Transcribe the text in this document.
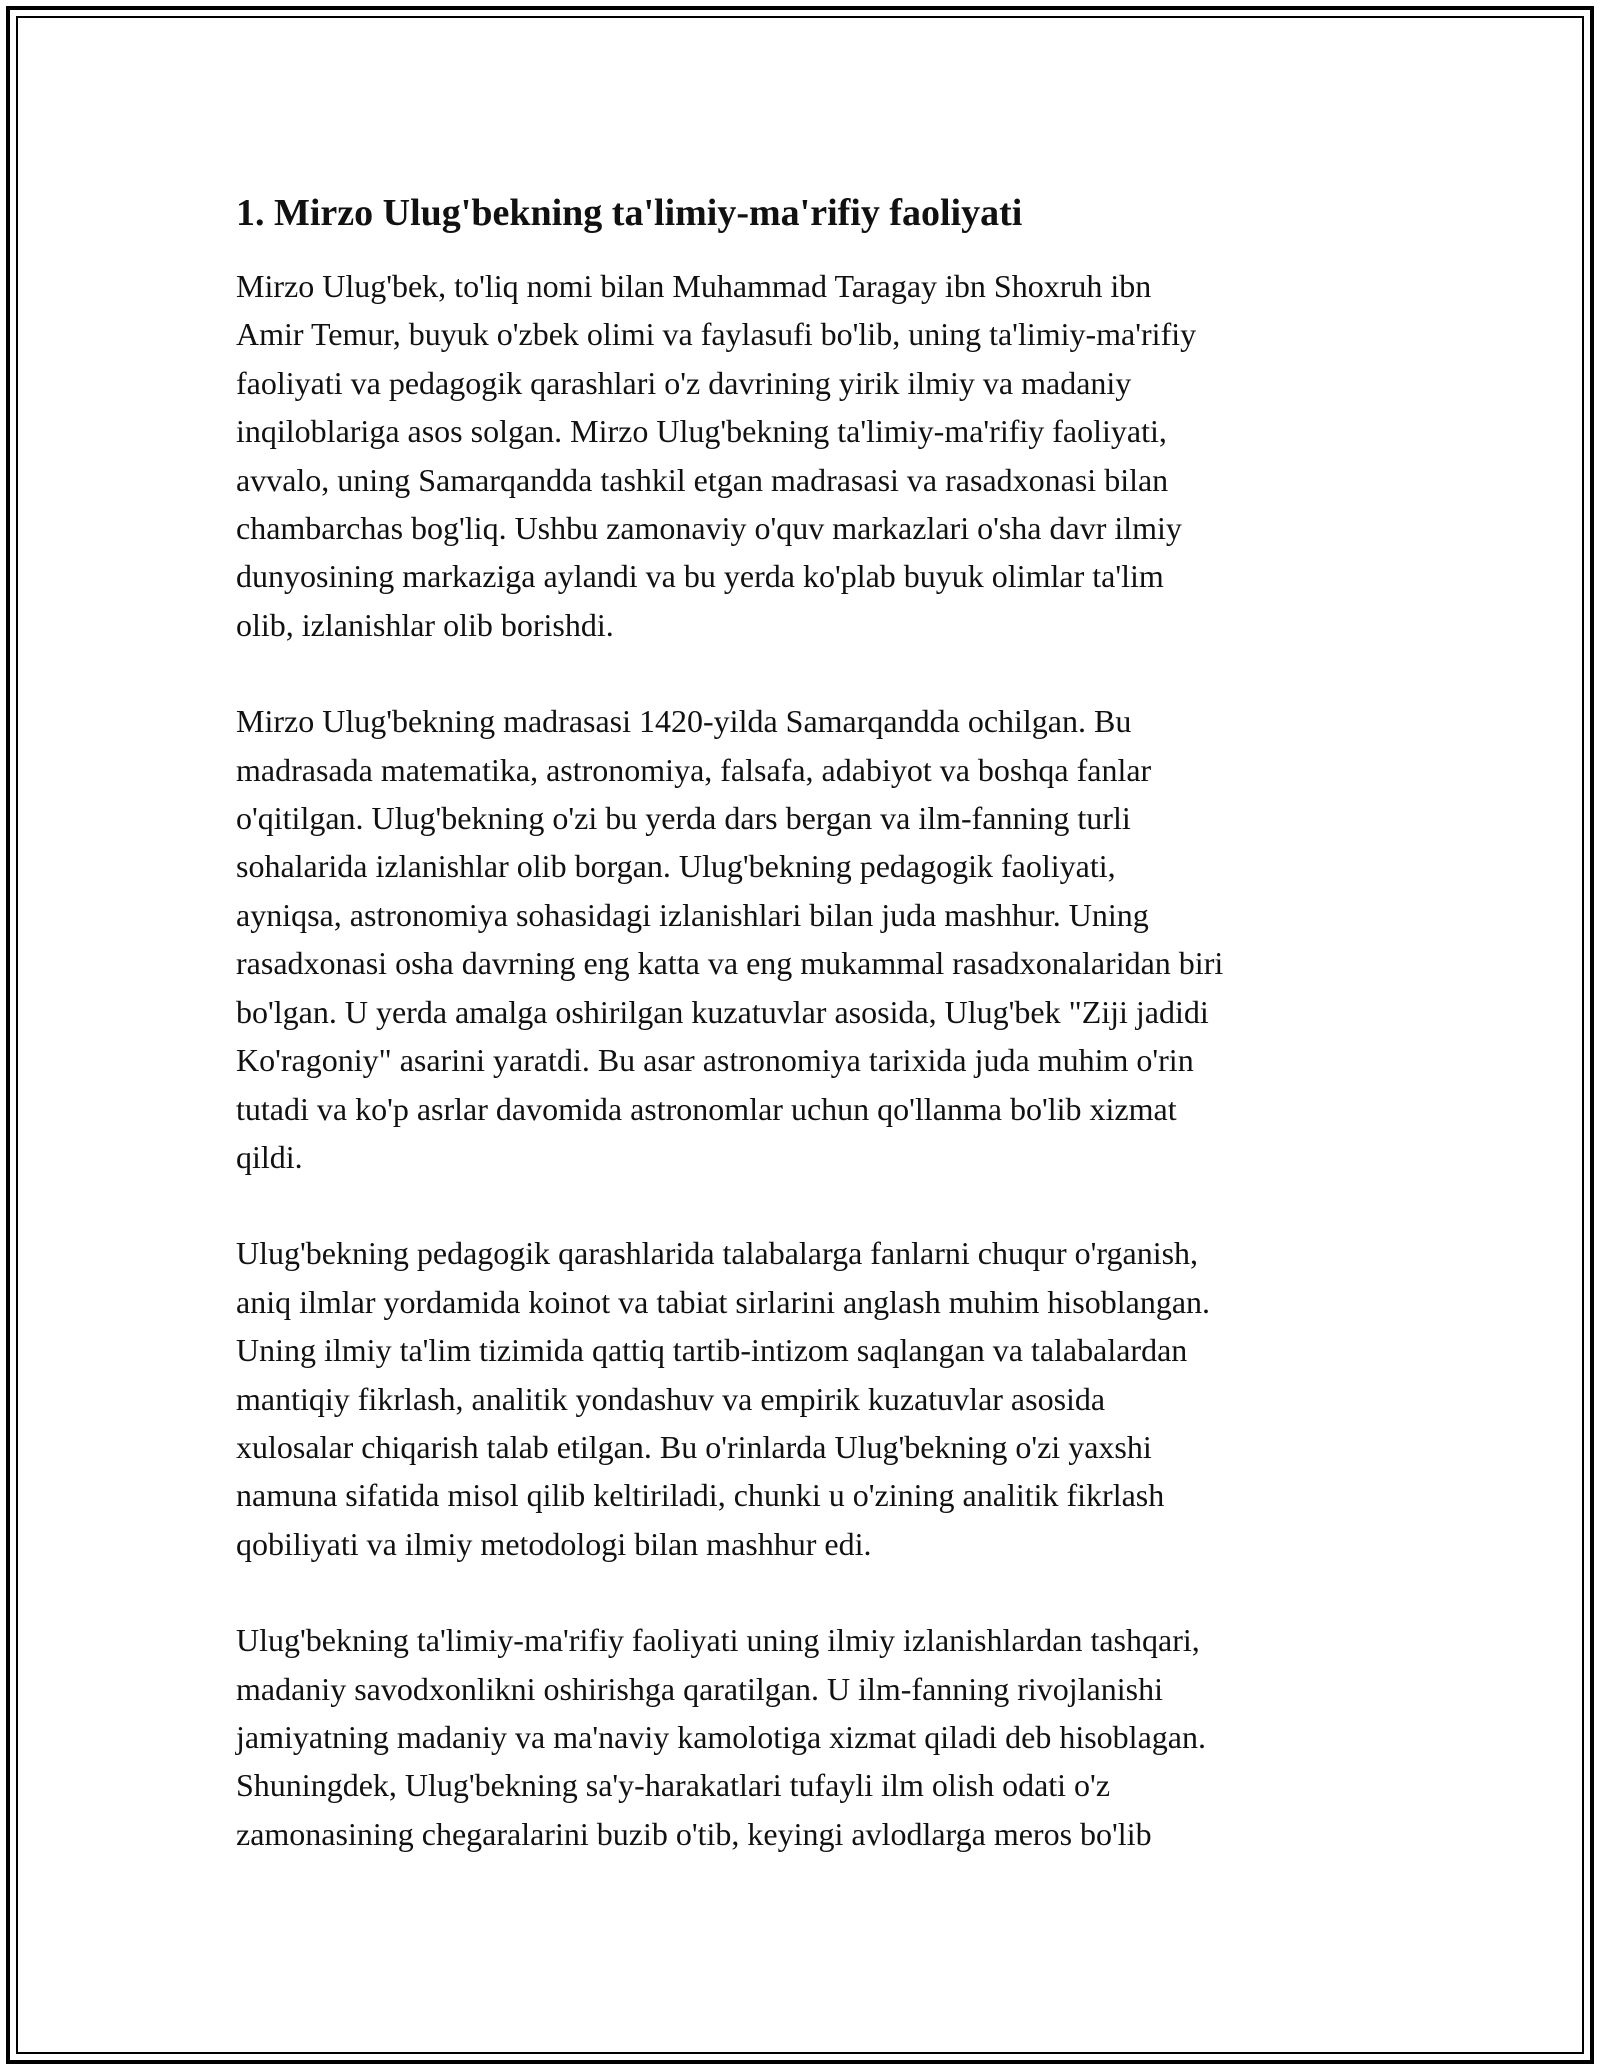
1. Mirzo Ulug'bekning ta'limiy-ma'rifiy faoliyati

Mirzo Ulug'bek, to'liq nomi bilan Muhammad Taragay ibn Shoxruh ibn
Amir Temur, buyuk o'zbek olimi va faylasufi bo'lib, uning ta'limiy-ma'rifiy
faoliyati va pedagogik qarashlari o'z davrining yirik ilmiy va madaniy
inqiloblariga asos solgan. Mirzo Ulug'bekning ta'limiy-ma'rifiy faoliyati,
avvalo, uning Samarqandda tashkil etgan madrasasi va rasadxonasi bilan
chambarchas bog'liq. Ushbu zamonaviy o'quv markazlari o'sha davr ilmiy
dunyosining markaziga aylandi va bu yerda ko'plab buyuk olimlar ta'lim
olib, izlanishlar olib borishdi.

Mirzo Ulug'bekning madrasasi 1420-yilda Samarqandda ochilgan. Bu
madrasada matematika, astronomiya, falsafa, adabiyot va boshqa fanlar
o'qitilgan. Ulug'bekning o'zi bu yerda dars bergan va ilm-fanning turli
sohalarida izlanishlar olib borgan. Ulug'bekning pedagogik faoliyati,
ayniqsa, astronomiya sohasidagi izlanishlari bilan juda mashhur. Uning
rasadxonasi osha davrning eng katta va eng mukammal rasadxonalaridan biri
bo'lgan. U yerda amalga oshirilgan kuzatuvlar asosida, Ulug'bek "Ziji jadidi
Ko'ragoniy" asarini yaratdi. Bu asar astronomiya tarixida juda muhim o'rin
tutadi va ko'p asrlar davomida astronomlar uchun qo'llanma bo'lib xizmat
qildi.

Ulug'bekning pedagogik qarashlarida talabalarga fanlarni chuqur o'rganish,
aniq ilmlar yordamida koinot va tabiat sirlarini anglash muhim hisoblangan.
Uning ilmiy ta'lim tizimida qattiq tartib-intizom saqlangan va talabalardan
mantiqiy fikrlash, analitik yondashuv va empirik kuzatuvlar asosida
xulosalar chiqarish talab etilgan. Bu o'rinlarda Ulug'bekning o'zi yaxshi
namuna sifatida misol qilib keltiriladi, chunki u o'zining analitik fikrlash
qobiliyati va ilmiy metodologi bilan mashhur edi.

Ulug'bekning ta'limiy-ma'rifiy faoliyati uning ilmiy izlanishlardan tashqari,
madaniy savodxonlikni oshirishga qaratilgan. U ilm-fanning rivojlanishi
jamiyatning madaniy va ma'naviy kamolotiga xizmat qiladi deb hisoblagan.
Shuningdek, Ulug'bekning sa'y-harakatlari tufayli ilm olish odati o'z
zamonasining chegaralarini buzib o'tib, keyingi avlodlarga meros bo'lib
